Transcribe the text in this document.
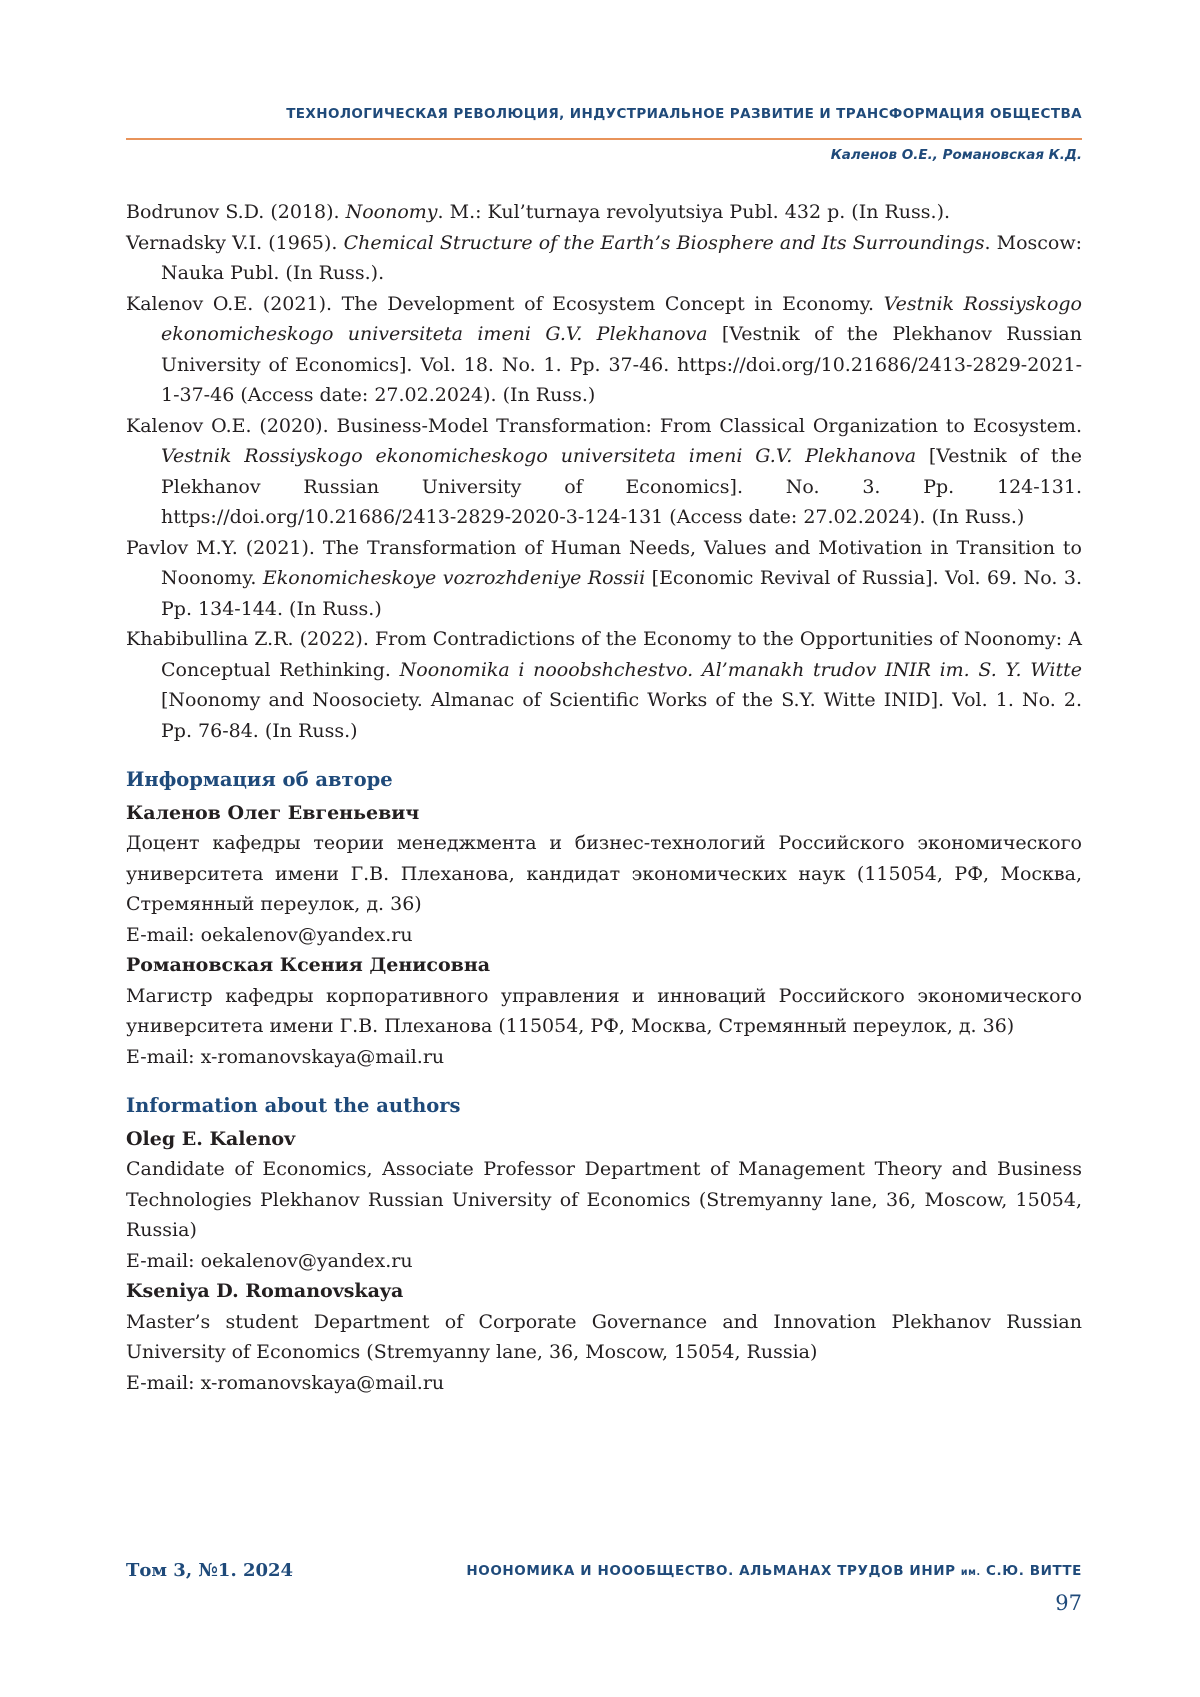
ТЕХНОЛОГИЧЕСКАЯ РЕВОЛЮЦИЯ, ИНДУСТРИАЛЬНОЕ РАЗВИТИЕ И ТРАНСФОРМАЦИЯ ОБЩЕСТВА
Каленов О.Е., Романовская К.Д.

Bodrunov S.D. (2018). Noonomy. M.: Kul’turnaya revolyutsiya Publ. 432 p. (In Russ.).

Vernadsky V.I. (1965). Chemical Structure of the Earth’s Biosphere and Its Surroundings. Moscow: Nauka Publ. (In Russ.).

Kalenov O.E. (2021). The Development of Ecosystem Concept in Economy. Vestnik Rossiyskogo ekonomicheskogo universiteta imeni G.V. Plekhanova [Vestnik of the Plekhanov Russian University of Economics]. Vol. 18. No. 1. Pp. 37-46. https://doi.org/10.21686/2413-2829-2021-1-37-46 (Access date: 27.02.2024). (In Russ.)

Kalenov O.E. (2020). Business-Model Transformation: From Classical Organization to Ecosystem. Vestnik Rossiyskogo ekonomicheskogo universiteta imeni G.V. Plekhanova [Vestnik of the Plekhanov Russian University of Economics]. No. 3. Pp. 124-131. https://doi.org/10.21686/2413-2829-2020-3-124-131 (Access date: 27.02.2024). (In Russ.)

Pavlov M.Y. (2021). The Transformation of Human Needs, Values and Motivation in Transition to Noonomy. Ekonomicheskoye vozrozhdeniye Rossii [Economic Revival of Russia]. Vol. 69. No. 3. Pp. 134-144. (In Russ.)

Khabibullina Z.R. (2022). From Contradictions of the Economy to the Opportunities of Noonomy: A Conceptual Rethinking. Noonomika i nooobshchestvo. Al’manakh trudov INIR im. S. Y. Witte [Noonomy and Noosociety. Almanac of Scientific Works of the S.Y. Witte INID]. Vol. 1. No. 2. Pp. 76-84. (In Russ.)

Информация об авторе

Каленов Олег Евгеньевич

Доцент кафедры теории менеджмента и бизнес-технологий Российского экономического университета имени Г.В. Плеханова, кандидат экономических наук (115054, РФ, Москва, Стремянный переулок, д. 36)

E-mail: oekalenov@yandex.ru

Романовская Ксения Денисовна

Магистр кафедры корпоративного управления и инноваций Российского экономического университета имени Г.В. Плеханова (115054, РФ, Москва, Стремянный переулок, д. 36)

E-mail: x-romanovskaya@mail.ru

Information about the authors

Oleg E. Kalenov

Candidate of Economics, Associate Professor Department of Management Theory and Business Technologies Plekhanov Russian University of Economics (Stremyanny lane, 36, Moscow, 15054, Russia)

E-mail: oekalenov@yandex.ru

Kseniya D. Romanovskaya

Master’s student Department of Corporate Governance and Innovation Plekhanov Russian University of Economics (Stremyanny lane, 36, Moscow, 15054, Russia)

E-mail: x-romanovskaya@mail.ru

Том 3, №1. 2024	НООНОМИКА И НОООБЩЕСТВО. АЛЬМАНАХ ТРУДОВ ИНИР им. С.Ю. ВИТТЕ
97
